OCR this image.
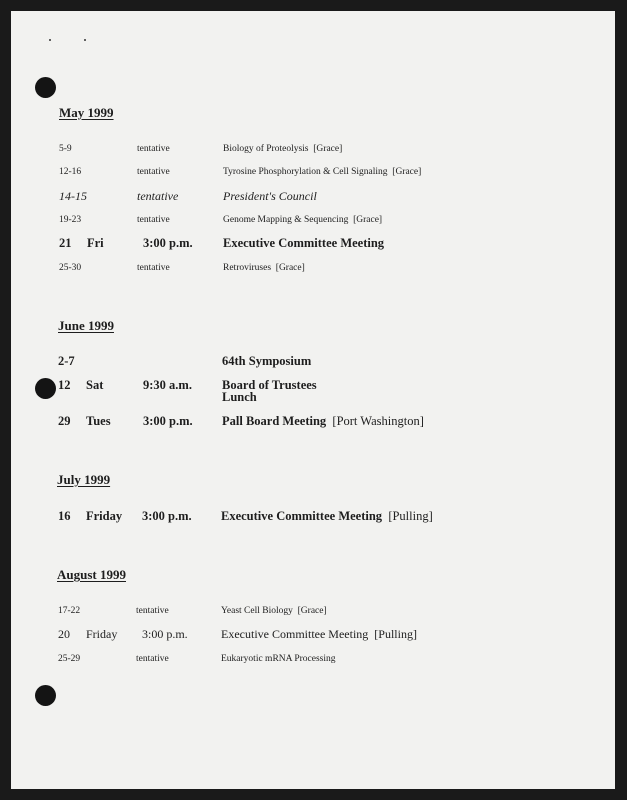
May 1999
5-9	tentative	Biology of Proteolysis [Grace]
12-16	tentative	Tyrosine Phosphorylation & Cell Signaling [Grace]
14-15	tentative	President's Council
19-23	tentative	Genome Mapping & Sequencing [Grace]
21 Fri	3:00 p.m. Executive Committee Meeting
25-30	tentative	Retroviruses [Grace]
June 1999
2-7	64th Symposium
12 Sat	9:30 a.m. Board of Trustees
Lunch
29 Tues	3:00 p.m. Pall Board Meeting [Port Washington]
July 1999
16 Friday 3:00 p.m. Executive Committee Meeting [Pulling]
August 1999
17-22	tentative	Yeast Cell Biology [Grace]
20 Friday 3:00 p.m.	Executive Committee Meeting [Pulling]
25-29	tentative	Eukaryotic mRNA Processing
